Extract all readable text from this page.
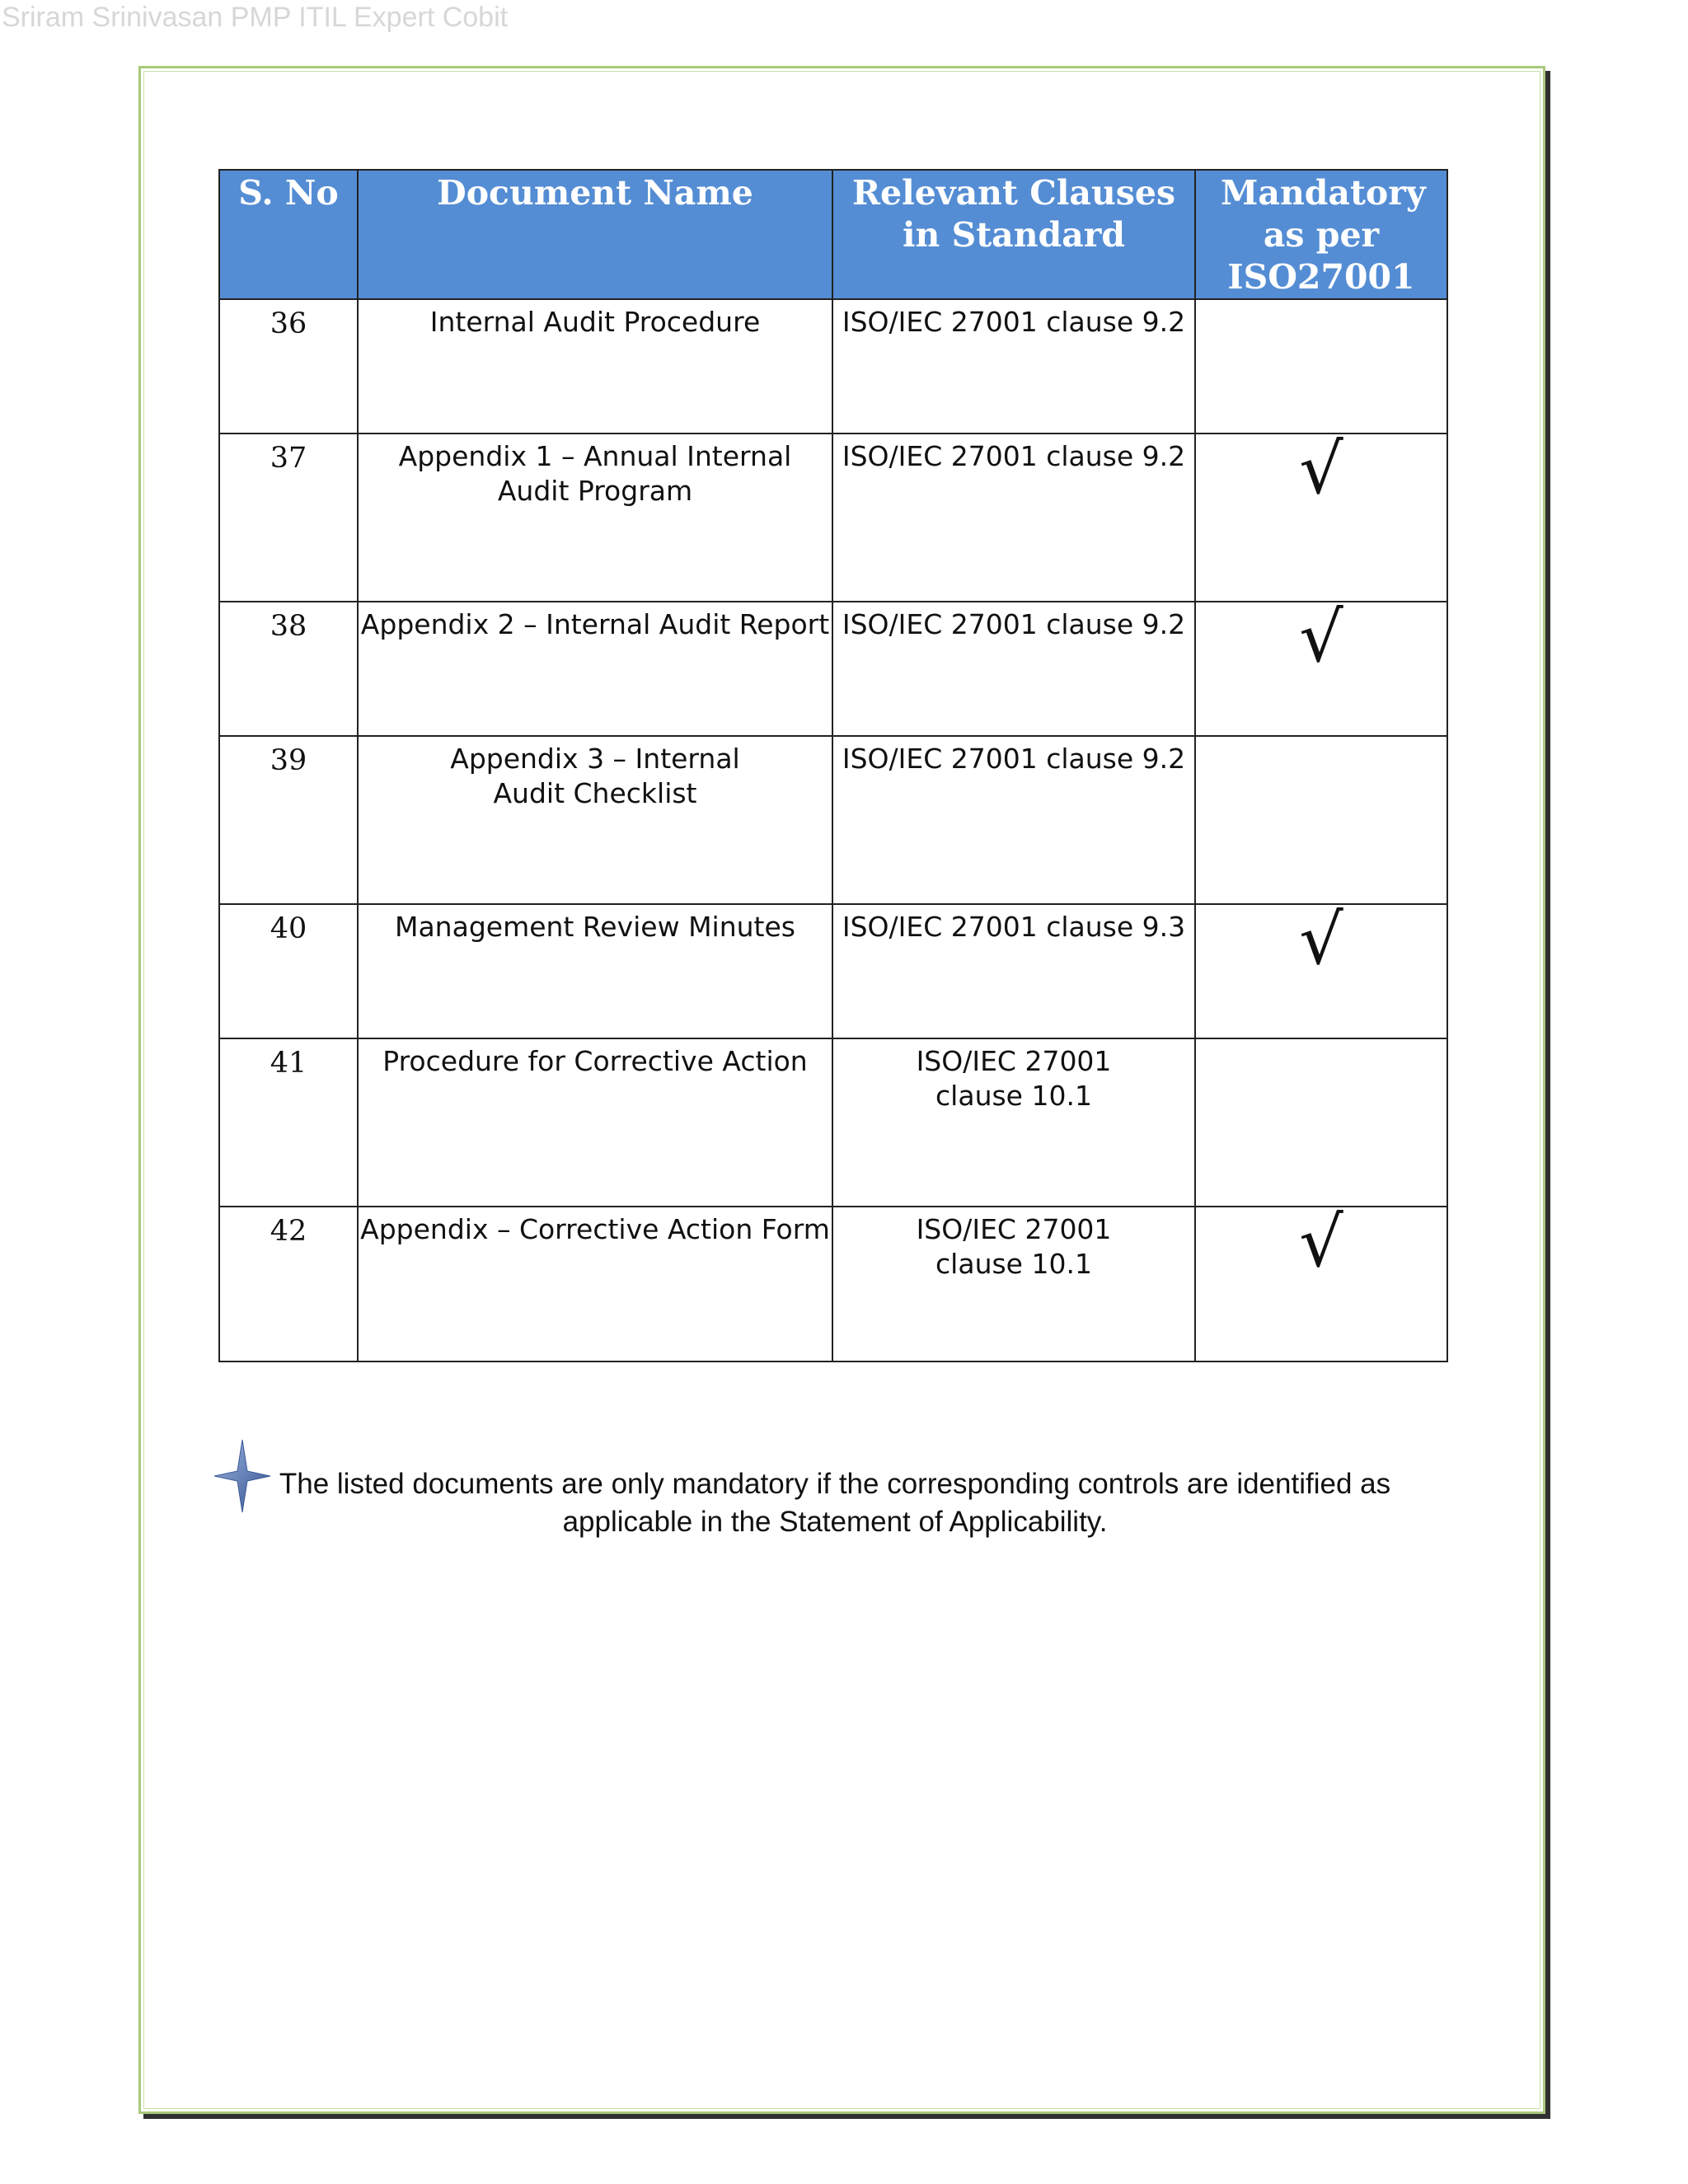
Sriram Srinivasan PMP ITIL Expert Cobit
S. No	Document Name	Relevant Clauses in Standard	Mandatory as per ISO27001
36	Internal Audit Procedure	ISO/IEC 27001 clause 9.2	
37	Appendix 1 – Annual Internal Audit Program	ISO/IEC 27001 clause 9.2	√
38	Appendix 2 – Internal Audit Report	ISO/IEC 27001 clause 9.2	√
39	Appendix 3 – Internal Audit Checklist	ISO/IEC 27001 clause 9.2	
40	Management Review Minutes	ISO/IEC 27001 clause 9.3	√
41	Procedure for Corrective Action	ISO/IEC 27001 clause 10.1	
42	Appendix – Corrective Action Form	ISO/IEC 27001 clause 10.1	√
The listed documents are only mandatory if the corresponding controls are identified as applicable in the Statement of Applicability.
